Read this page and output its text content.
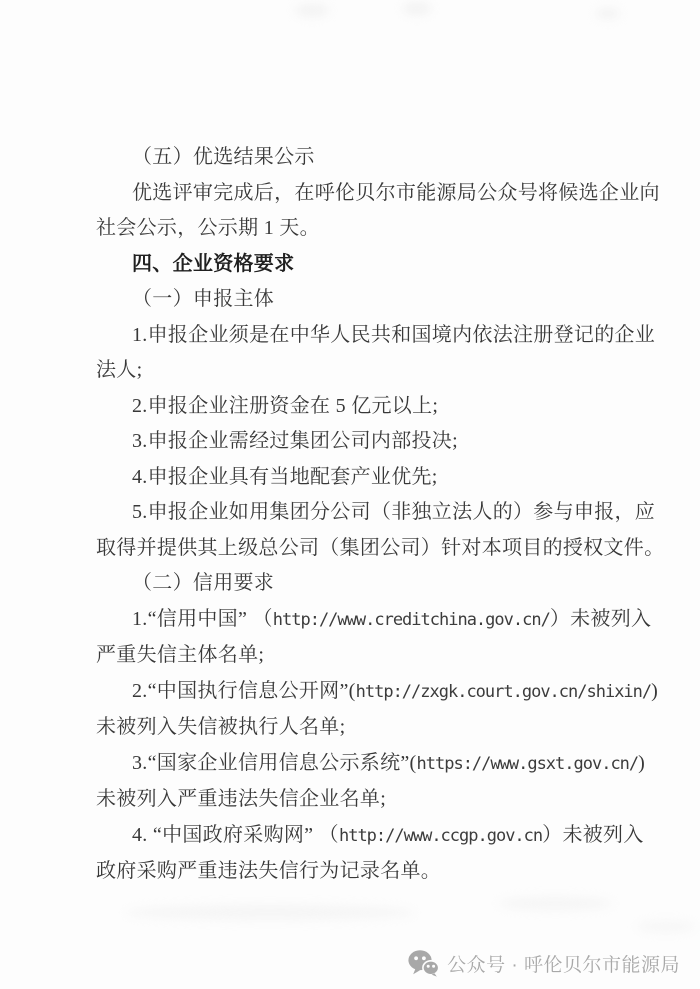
（五）优选结果公示
优选评审完成后，在呼伦贝尔市能源局公众号将候选企业向
社会公示，公示期 1 天。
四、企业资格要求
（一）申报主体
1.申报企业须是在中华人民共和国境内依法注册登记的企业
法人;
2.申报企业注册资金在 5 亿元以上;
3.申报企业需经过集团公司内部投决;
4.申报企业具有当地配套产业优先;
5.申报企业如用集团分公司（非独立法人的）参与申报，应
取得并提供其上级总公司（集团公司）针对本项目的授权文件。
（二）信用要求
1.“信用中国” （http://www.creditchina.gov.cn/）未被列入
严重失信主体名单;
2.“中国执行信息公开网”(http://zxgk.court.gov.cn/shixin/)
未被列入失信被执行人名单;
3.“国家企业信用信息公示系统”(https://www.gsxt.gov.cn/)
未被列入严重违法失信企业名单;
4. “中国政府采购网” （http://www.ccgp.gov.cn）未被列入
政府采购严重违法失信行为记录名单。
公众号 · 呼伦贝尔市能源局
